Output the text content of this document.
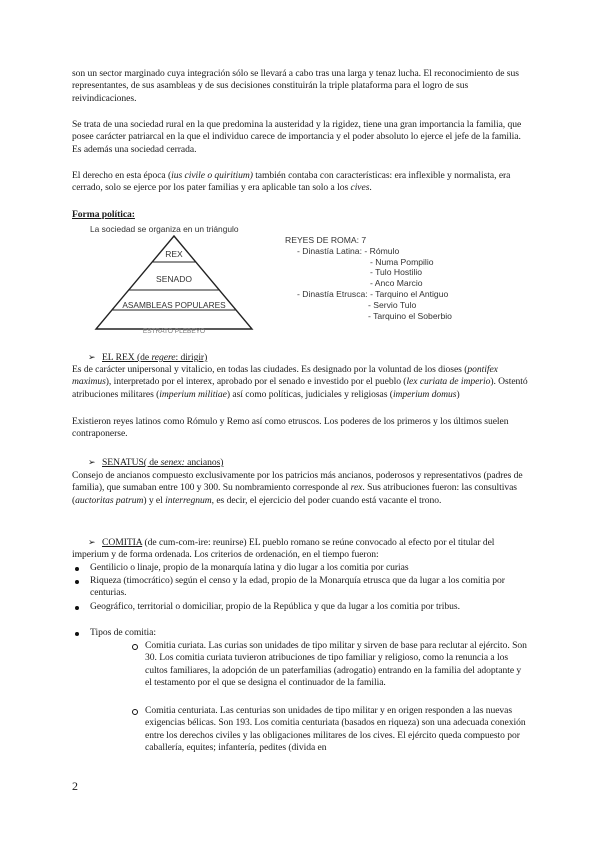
son un sector marginado cuya integración sólo se llevará a cabo tras una larga y tenaz lucha. El reconocimiento de sus representantes, de sus asambleas y de sus decisiones constituirán la triple plataforma para el logro de sus reivindicaciones.

Se trata de una sociedad rural en la que predomina la austeridad y la rigidez, tiene una gran importancia la familia, que posee carácter patriarcal en la que el individuo carece de importancia y el poder absoluto lo ejerce el jefe de la familia. Es además una sociedad cerrada.

El derecho en esta época (ius civile o quiritium) también contaba con características: era inflexible y normalista, era cerrado, solo se ejerce por los pater familias y era aplicable tan solo a los cives.

Forma política:
La sociedad se organiza en un triángulo
REX
SENADO
ASAMBLEAS POPULARES
ESTRATO PLEBEYO
REYES DE ROMA: 7
- Dinastía Latina: - Rómulo
- Numa Pompilio
- Tulo Hostilio
- Anco Marcio
- Dinastía Etrusca: - Tarquino el Antiguo
- Servio Tulo
- Tarquino el Soberbio
➢ EL REX (de regere: dirigir)

Es de carácter unipersonal y vitalicio, en todas las ciudades. Es designado por la voluntad de los dioses (pontifex maximus), interpretado por el interex, aprobado por el senado e investido por el pueblo (lex curiata de imperio). Ostentó atribuciones militares (imperium militiae) así como políticas, judiciales y religiosas (imperium domus)

Existieron reyes latinos como Rómulo y Remo así como etruscos. Los poderes de los primeros y los últimos suelen contraponerse.

➢ SENATUS( de senex: ancianos)

Consejo de ancianos compuesto exclusivamente por los patricios más ancianos, poderosos y representativos (padres de familia), que sumaban entre 100 y 300. Su nombramiento corresponde al rex. Sus atribuciones fueron: las consultivas (auctoritas patrum) y el interregnum, es decir, el ejercicio del poder cuando está vacante el trono.

➢ COMITIA (de cum-com-ire: reunirse) EL pueblo romano se reúne convocado al efecto por el titular del imperium y de forma ordenada. Los criterios de ordenación, en el tiempo fueron:

Gentilicio o linaje, propio de la monarquía latina y dio lugar a los comitia por curias

Riqueza (timocrático) según el censo y la edad, propio de la Monarquía etrusca que da lugar a los comitia por centurias.

Geográfico, territorial o domiciliar, propio de la República y que da lugar a los comitia por tribus.

Tipos de comitia:

Comitia curiata. Las curias son unidades de tipo militar y sirven de base para reclutar al ejército. Son 30. Los comitia curiata tuvieron atribuciones de tipo familiar y religioso, como la renuncia a los cultos familiares, la adopción de un paterfamilias (adrogatio) entrando en la familia del adoptante y el testamento por el que se designa el continuador de la familia.

Comitia centuriata. Las centurias son unidades de tipo militar y en origen responden a las nuevas exigencias bélicas. Son 193. Los comitia centuriata (basados en riqueza) son una adecuada conexión entre los derechos civiles y las obligaciones militares de los cives. El ejército queda compuesto por caballería, equites; infantería, pedites (divida en

2
